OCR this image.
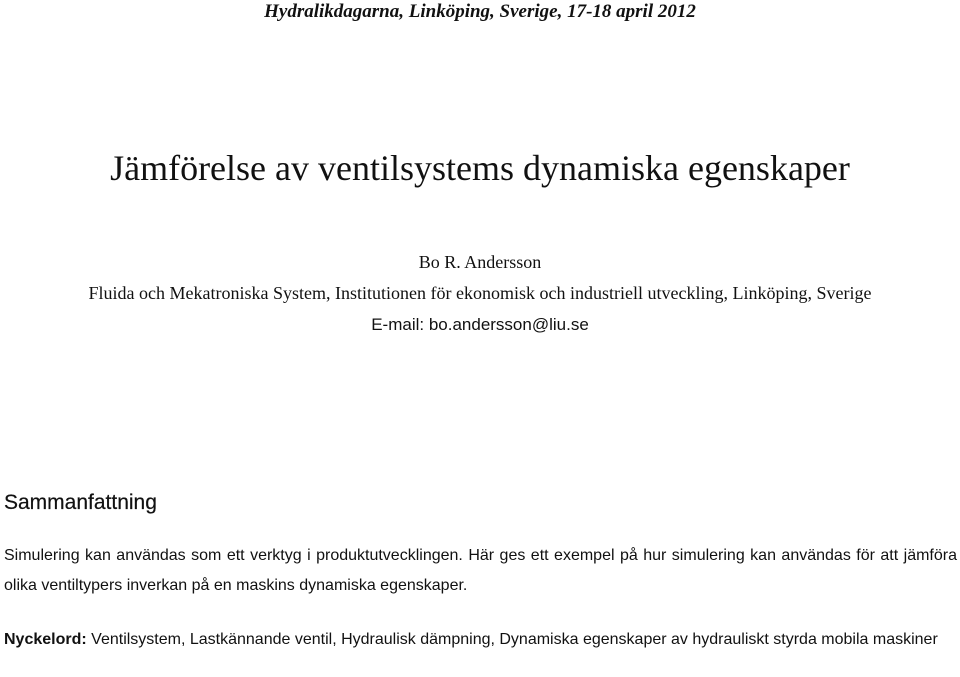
Hydralikdagarna, Linköping, Sverige, 17-18 april 2012
Jämförelse av ventilsystems dynamiska egenskaper
Bo R. Andersson
Fluida och Mekatroniska System, Institutionen för ekonomisk och industriell utveckling, Linköping, Sverige
E-mail: bo.andersson@liu.se
Sammanfattning

Simulering kan användas som ett verktyg i produktutvecklingen. Här ges ett exempel på hur simulering kan användas för att jämföra olika ventiltypers inverkan på en maskins dynamiska egenskaper.

Nyckelord: Ventilsystem, Lastkännande ventil, Hydraulisk dämpning, Dynamiska egenskaper av hydrauliskt styrda mobila maskiner
